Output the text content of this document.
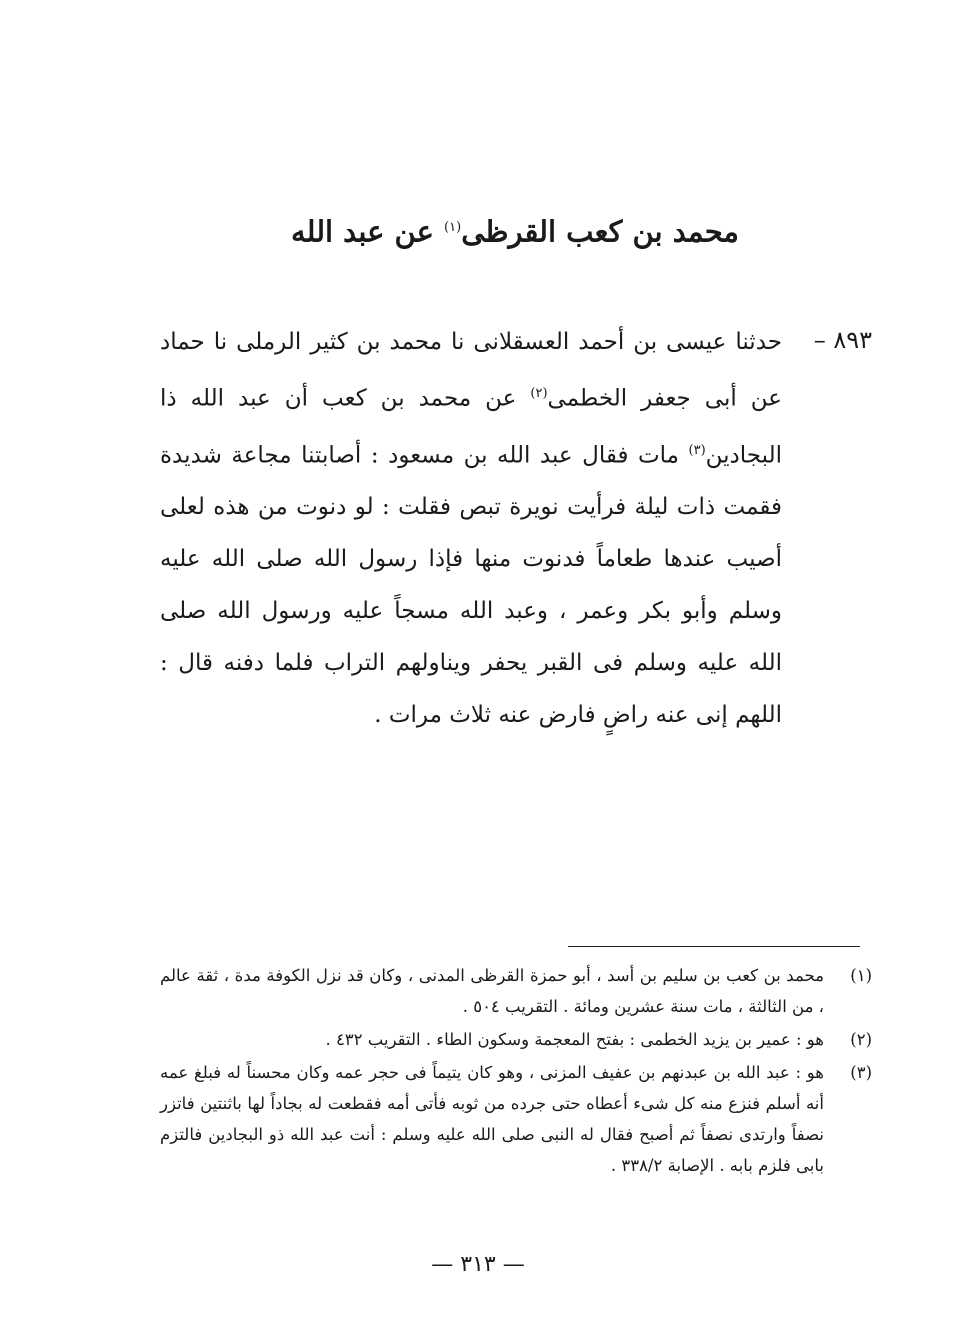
محمد بن كعب القرظى$^{(١)}$ عن عبد الله
٨٩٣ –
حدثنا عيسى بن أحمد العسقلانى نا محمد بن كثير الرملى نا حماد عن أبى جعفر الخطمى$^{(٢)}$ عن محمد بن كعب أن عبد الله ذا البجادين$^{(٣)}$ مات فقال عبد الله بن مسعود : أصابتنا مجاعة شديدة فقمت ذات ليلة فرأيت نويرة تبص فقلت : لو دنوت من هذه لعلى أصيب عندها طعاماً فدنوت منها فإذا رسول الله صلى الله عليه وسلم وأبو بكر وعمر ، وعبد الله مسجاً عليه ورسول الله صلى الله عليه وسلم فى القبر يحفر ويناولهم التراب فلما دفنه قال : اللهم إنى عنه راضٍ فارض عنه ثلاث مرات .
(١)
محمد بن كعب بن سليم بن أسد ، أبو حمزة القرظى المدنى ، وكان قد نزل الكوفة مدة ، ثقة عالم ، من الثالثة ، مات سنة عشرين ومائة . التقريب ٥٠٤ .
(٢)
هو : عمير بن يزيد الخطمى : بفتح المعجمة وسكون الطاء . التقريب ٤٣٢ .
(٣)
هو : عبد الله بن عبدنهم بن عفيف المزنى ، وهو كان يتيماً فى حجر عمه وكان محسناً له فبلغ عمه أنه أسلم فنزع منه كل شىء أعطاه حتى جرده من ثوبه فأتى أمه فقطعت له بجاداً لها باثنتين فاتزر نصفاً وارتدى نصفاً ثم أصبح فقال له النبى صلى الله عليه وسلم : أنت عبد الله ذو البجادين فالتزم بابى فلزم بابه . الإصابة ٣٣٨/٢ .
— ٣١٣ —
